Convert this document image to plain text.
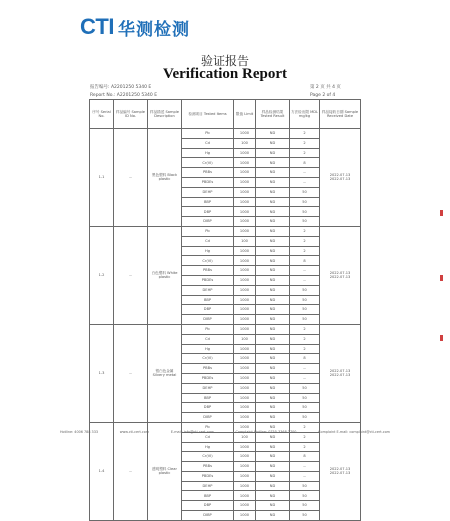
CTI 华测检测
验证报告
Verification Report
报告编号: A2201250 5340 E
Report No.: A2201250 5340 E
第 2 页 共 4 页
Page 2 of 4
序号 Serial No.	样品编号 Sample ID No.	样品描述 Sample Description	检测项目 Tested Items	限值 Limit	样品检测结果 Tested Result	方法检出限 MDL mg/kg	样品接收日期 Sample Received Date
1-1	--	黑色塑料 Black plastic	Pb	1000	ND	2	2022.07.13 2022.07.13
			Cd	100	ND	2	
			Hg	1000	ND	2	
			Cr(VI)	1000	ND	8	
			PBBs	1000	ND	--	
			PBDEs	1000	ND	--	
			DEHP	1000	ND	50	
			BBP	1000	ND	50	
			DBP	1000	ND	50	
			DIBP	1000	ND	50	
1-2	--	白色塑料 White plastic	Pb	1000	ND	2	2022.07.13 2022.07.13
			Cd	100	ND	2	
			Hg	1000	ND	2	
			Cr(VI)	1000	ND	8	
			PBBs	1000	ND	--	
			PBDEs	1000	ND	--	
			DEHP	1000	ND	50	
			BBP	1000	ND	50	
			DBP	1000	ND	50	
			DIBP	1000	ND	50	
1-3	--	银白色金属 Silvery metal	Pb	1000	ND	2	2022.07.13 2022.07.13
			Cd	100	ND	2	
			Hg	1000	ND	2	
			Cr(VI)	1000	ND	8	
			PBBs	1000	ND	--	
			PBDEs	1000	ND	--	
			DEHP	1000	ND	50	
			BBP	1000	ND	50	
			DBP	1000	ND	50	
			DIBP	1000	ND	50	
1-4	--	透明塑料 Clear plastic	Pb	1000	ND	2	2022.07.13 2022.07.13
			Cd	100	ND	2	
			Hg	1000	ND	2	
			Cr(VI)	1000	ND	8	
			PBBs	1000	ND	--	
			PBDEs	1000	ND	--	
			DEHP	1000	ND	50	
			BBP	1000	ND	50	
			DBP	1000	ND	50	
			DIBP	1000	ND	50	
Hotline: 4006 788 333	www.cti-cert.com	E-mail: info@cti-cert.com	Complaint Hotline: 0755-3368 3700	Complaint E-mail: complaint@cti-cert.com
